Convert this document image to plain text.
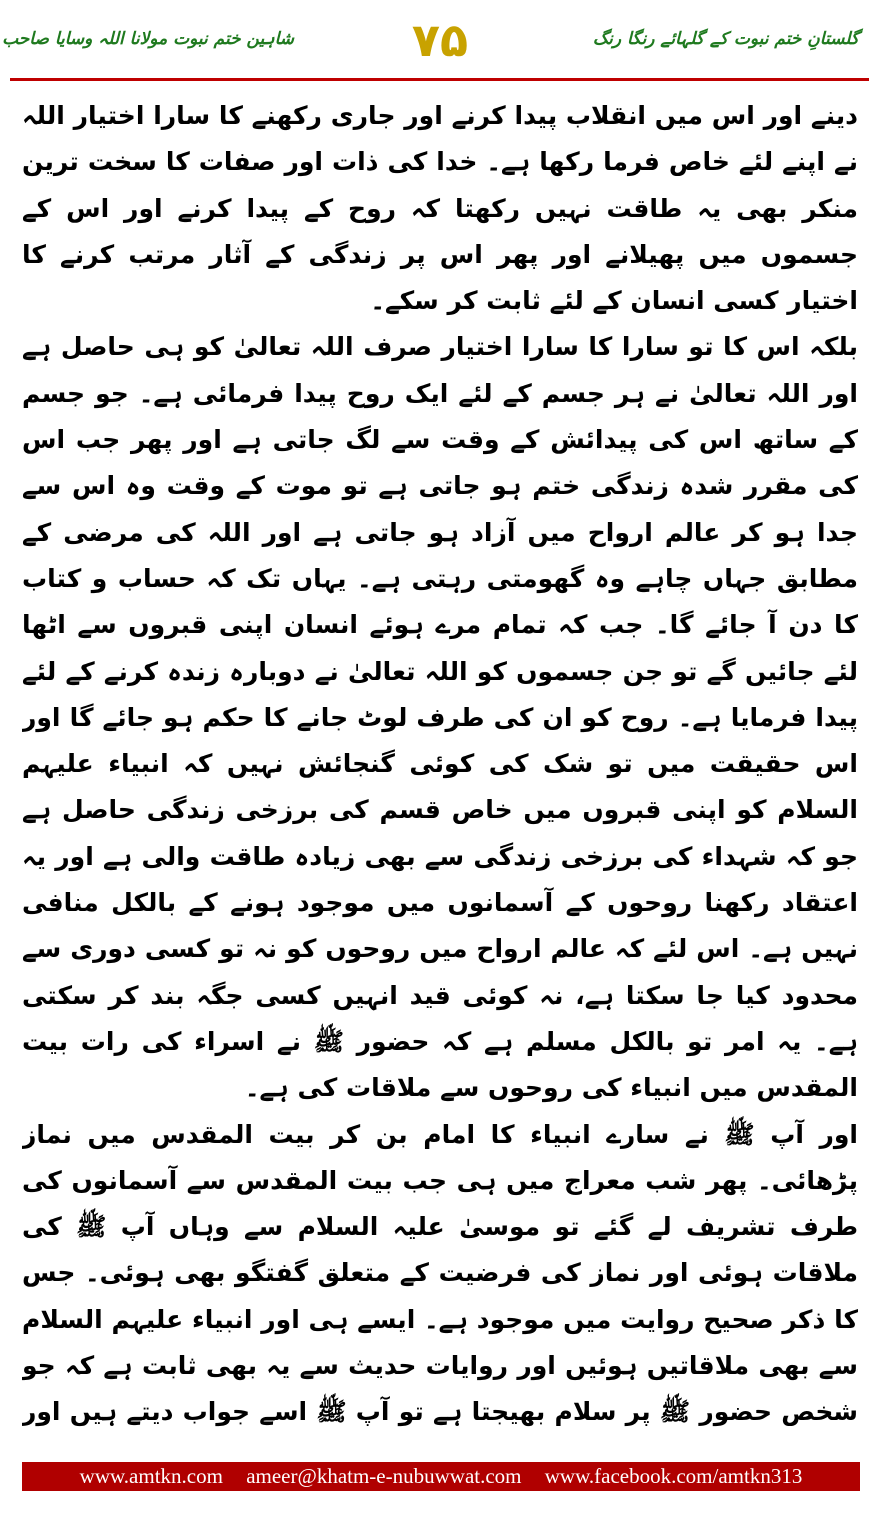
شاہین ختم نبوت مولانا اللہ وسایا صاحب	۷۵	گلستانِ ختم نبوت کے گلہائے رنگا رنگ

دینے اور اس میں انقلاب پیدا کرنے اور جاری رکھنے کا سارا اختیار اللہ نے اپنے لئے خاص فرما رکھا ہے۔ خدا کی ذات اور صفات کا سخت ترین منکر بھی یہ طاقت نہیں رکھتا کہ روح کے پیدا کرنے اور اس کے جسموں میں پھیلانے اور پھر اس پر زندگی کے آثار مرتب کرنے کا اختیار کسی انسان کے لئے ثابت کر سکے۔

بلکہ اس کا تو سارا کا سارا اختیار صرف اللہ تعالیٰ کو ہی حاصل ہے اور اللہ تعالیٰ نے ہر جسم کے لئے ایک روح پیدا فرمائی ہے۔ جو جسم کے ساتھ اس کی پیدائش کے وقت سے لگ جاتی ہے اور پھر جب اس کی مقرر شدہ زندگی ختم ہو جاتی ہے تو موت کے وقت وہ اس سے جدا ہو کر عالم ارواح میں آزاد ہو جاتی ہے اور اللہ کی مرضی کے مطابق جہاں چاہے وہ گھومتی رہتی ہے۔ یہاں تک کہ حساب و کتاب کا دن آ جائے گا۔ جب کہ تمام مرے ہوئے انسان اپنی قبروں سے اٹھا لئے جائیں گے تو جن جسموں کو اللہ تعالیٰ نے دوبارہ زندہ کرنے کے لئے پیدا فرمایا ہے۔ روح کو ان کی طرف لوٹ جانے کا حکم ہو جائے گا اور اس حقیقت میں تو شک کی کوئی گنجائش نہیں کہ انبیاء علیہم السلام کو اپنی قبروں میں خاص قسم کی برزخی زندگی حاصل ہے جو کہ شہداء کی برزخی زندگی سے بھی زیادہ طاقت والی ہے اور یہ اعتقاد رکھنا روحوں کے آسمانوں میں موجود ہونے کے بالکل منافی نہیں ہے۔ اس لئے کہ عالم ارواح میں روحوں کو نہ تو کسی دوری سے محدود کیا جا سکتا ہے، نہ کوئی قید انہیں کسی جگہ بند کر سکتی ہے۔ یہ امر تو بالکل مسلم ہے کہ حضور ﷺ نے اسراء کی رات بیت المقدس میں انبیاء کی روحوں سے ملاقات کی ہے۔

اور آپ ﷺ نے سارے انبیاء کا امام بن کر بیت المقدس میں نماز پڑھائی۔ پھر شب معراج میں ہی جب بیت المقدس سے آسمانوں کی طرف تشریف لے گئے تو موسیٰ علیہ السلام سے وہاں آپ ﷺ کی ملاقات ہوئی اور نماز کی فرضیت کے متعلق گفتگو بھی ہوئی۔ جس کا ذکر صحیح روایت میں موجود ہے۔ ایسے ہی اور انبیاء علیہم السلام سے بھی ملاقاتیں ہوئیں اور روایات حدیث سے یہ بھی ثابت ہے کہ جو شخص حضور ﷺ پر سلام بھیجتا ہے تو آپ ﷺ اسے جواب دیتے ہیں اور

www.amtkn.com ameer@khatm-e-nubuwwat.com www.facebook.com/amtkn313
